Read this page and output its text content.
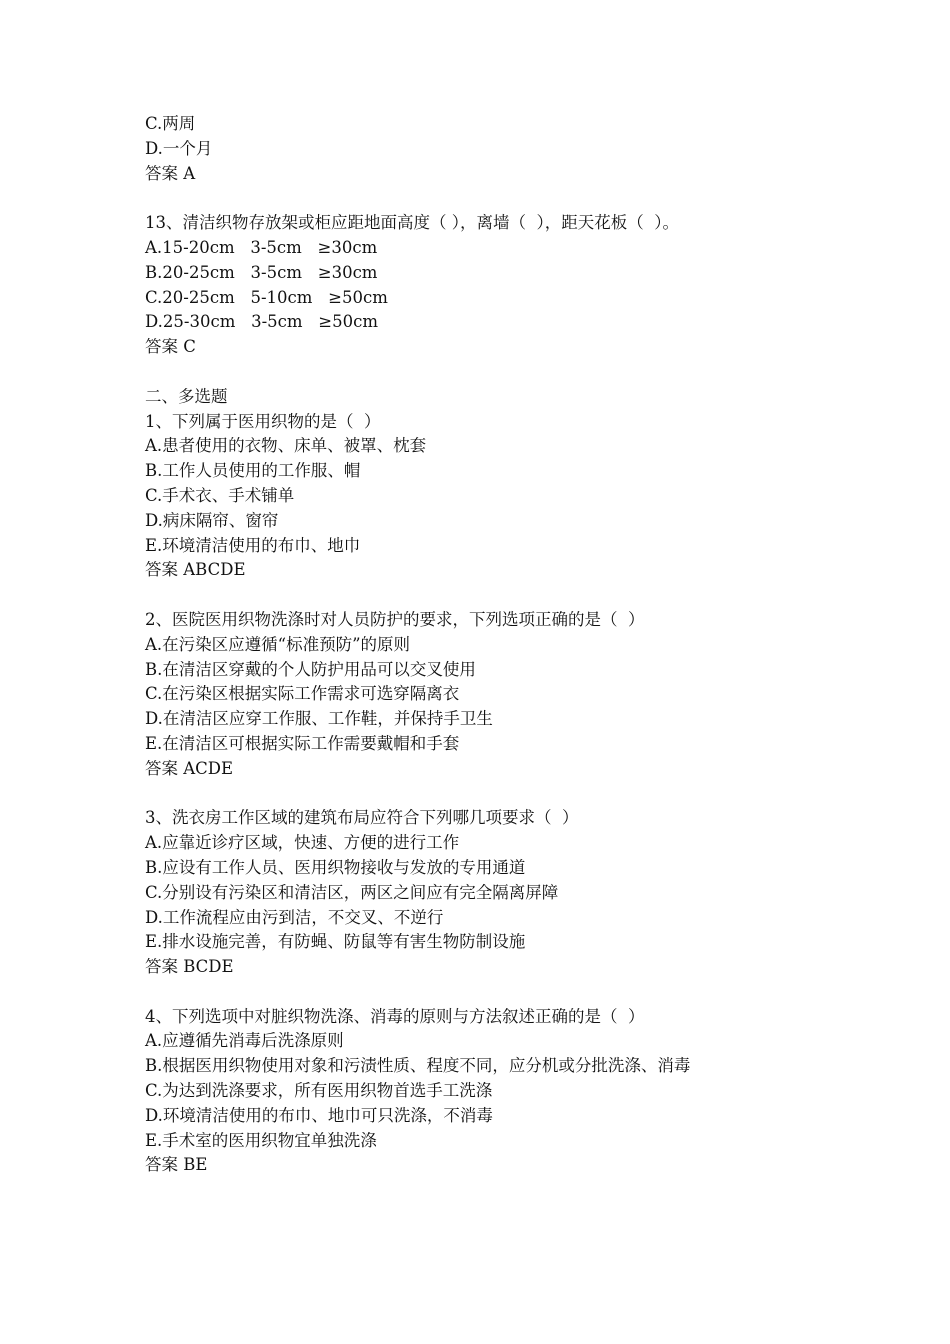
C.两周
D.一个月
答案 A
13、清洁织物存放架或柜应距地面高度（ ），离墙（  ），距天花板（  ）。
A.15-20cm   3-5cm   ≥30cm
B.20-25cm   3-5cm   ≥30cm
C.20-25cm   5-10cm   ≥50cm
D.25-30cm   3-5cm   ≥50cm
答案 C
二、多选题
1、下列属于医用织物的是（  ）
A.患者使用的衣物、床单、被罩、枕套
B.工作人员使用的工作服、帽
C.手术衣、手术铺单
D.病床隔帘、窗帘
E.环境清洁使用的布巾、地巾
答案 ABCDE
2、医院医用织物洗涤时对人员防护的要求，下列选项正确的是（  ）
A.在污染区应遵循“标准预防”的原则
B.在清洁区穿戴的个人防护用品可以交叉使用
C.在污染区根据实际工作需求可选穿隔离衣
D.在清洁区应穿工作服、工作鞋，并保持手卫生
E.在清洁区可根据实际工作需要戴帽和手套
答案 ACDE
3、洗衣房工作区域的建筑布局应符合下列哪几项要求（  ）
A.应靠近诊疗区域，快速、方便的进行工作
B.应设有工作人员、医用织物接收与发放的专用通道
C.分别设有污染区和清洁区，两区之间应有完全隔离屏障
D.工作流程应由污到洁，不交叉、不逆行
E.排水设施完善，有防蝇、防鼠等有害生物防制设施
答案 BCDE
4、下列选项中对脏织物洗涤、消毒的原则与方法叙述正确的是（  ）
A.应遵循先消毒后洗涤原则
B.根据医用织物使用对象和污渍性质、程度不同，应分机或分批洗涤、消毒
C.为达到洗涤要求，所有医用织物首选手工洗涤
D.环境清洁使用的布巾、地巾可只洗涤，不消毒
E.手术室的医用织物宜单独洗涤
答案 BE
